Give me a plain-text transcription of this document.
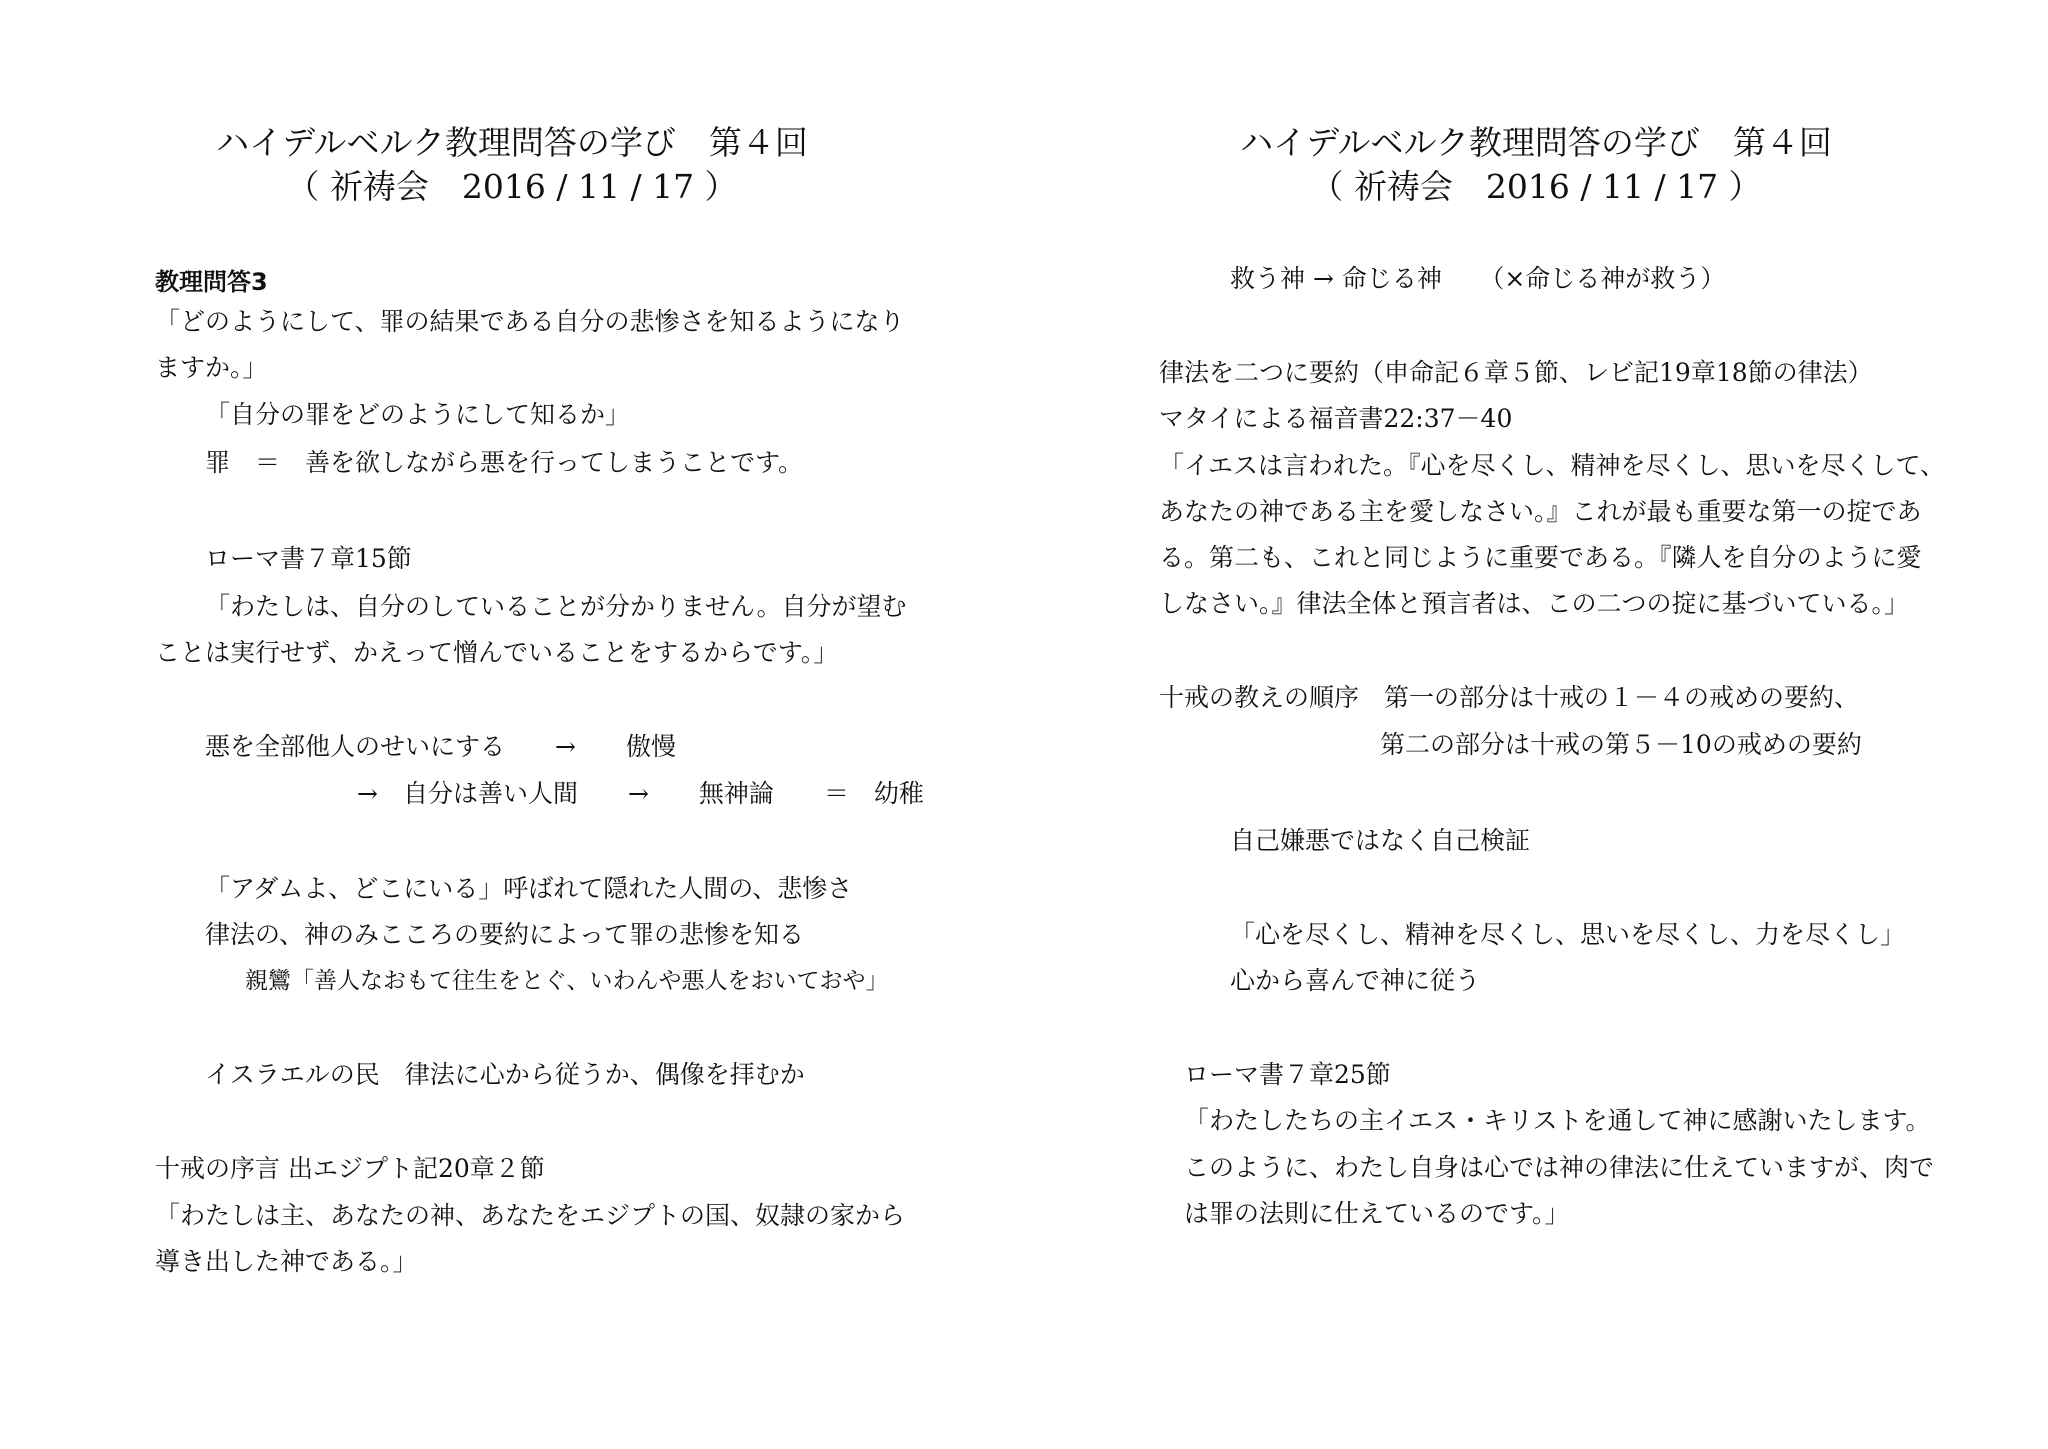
ハイデルベルク教理問答の学び　第４回
（ 祈祷会　2016 / 11 / 17 ）
教理問答3
「どのようにして、罪の結果である自分の悲惨さを知るようになり
ますか。」
「自分の罪をどのようにして知るか」
罪　＝　善を欲しながら悪を行ってしまうことです。
ローマ書７章15節
「わたしは、自分のしていることが分かりません。自分が望む
ことは実行せず、かえって憎んでいることをするからです。」
悪を全部他人のせいにする　　→　　傲慢
→　自分は善い人間　　→　　無神論　　＝　幼稚
「アダムよ、どこにいる」呼ばれて隠れた人間の、悲惨さ
律法の、神のみこころの要約によって罪の悲惨を知る
親鸞「善人なおもて往生をとぐ、いわんや悪人をおいておや」
イスラエルの民　律法に心から従うか、偶像を拝むか
十戒の序言 出エジプト記20章２節
「わたしは主、あなたの神、あなたをエジプトの国、奴隷の家から
導き出した神である。」
ハイデルベルク教理問答の学び　第４回
（ 祈祷会　2016 / 11 / 17 ）
救う神 → 命じる神　　（×命じる神が救う）
律法を二つに要約（申命記６章５節、レビ記19章18節の律法）
マタイによる福音書22:37－40
「イエスは言われた。『心を尽くし、精神を尽くし、思いを尽くして、
あなたの神である主を愛しなさい。』これが最も重要な第一の掟であ
る。第二も、これと同じように重要である。『隣人を自分のように愛
しなさい。』律法全体と預言者は、この二つの掟に基づいている。」
十戒の教えの順序　第一の部分は十戒の１－４の戒めの要約、
第二の部分は十戒の第５－10の戒めの要約
自己嫌悪ではなく自己検証
「心を尽くし、精神を尽くし、思いを尽くし、力を尽くし」
心から喜んで神に従う
ローマ書７章25節
「わたしたちの主イエス・キリストを通して神に感謝いたします。
このように、わたし自身は心では神の律法に仕えていますが、肉で
は罪の法則に仕えているのです。」
